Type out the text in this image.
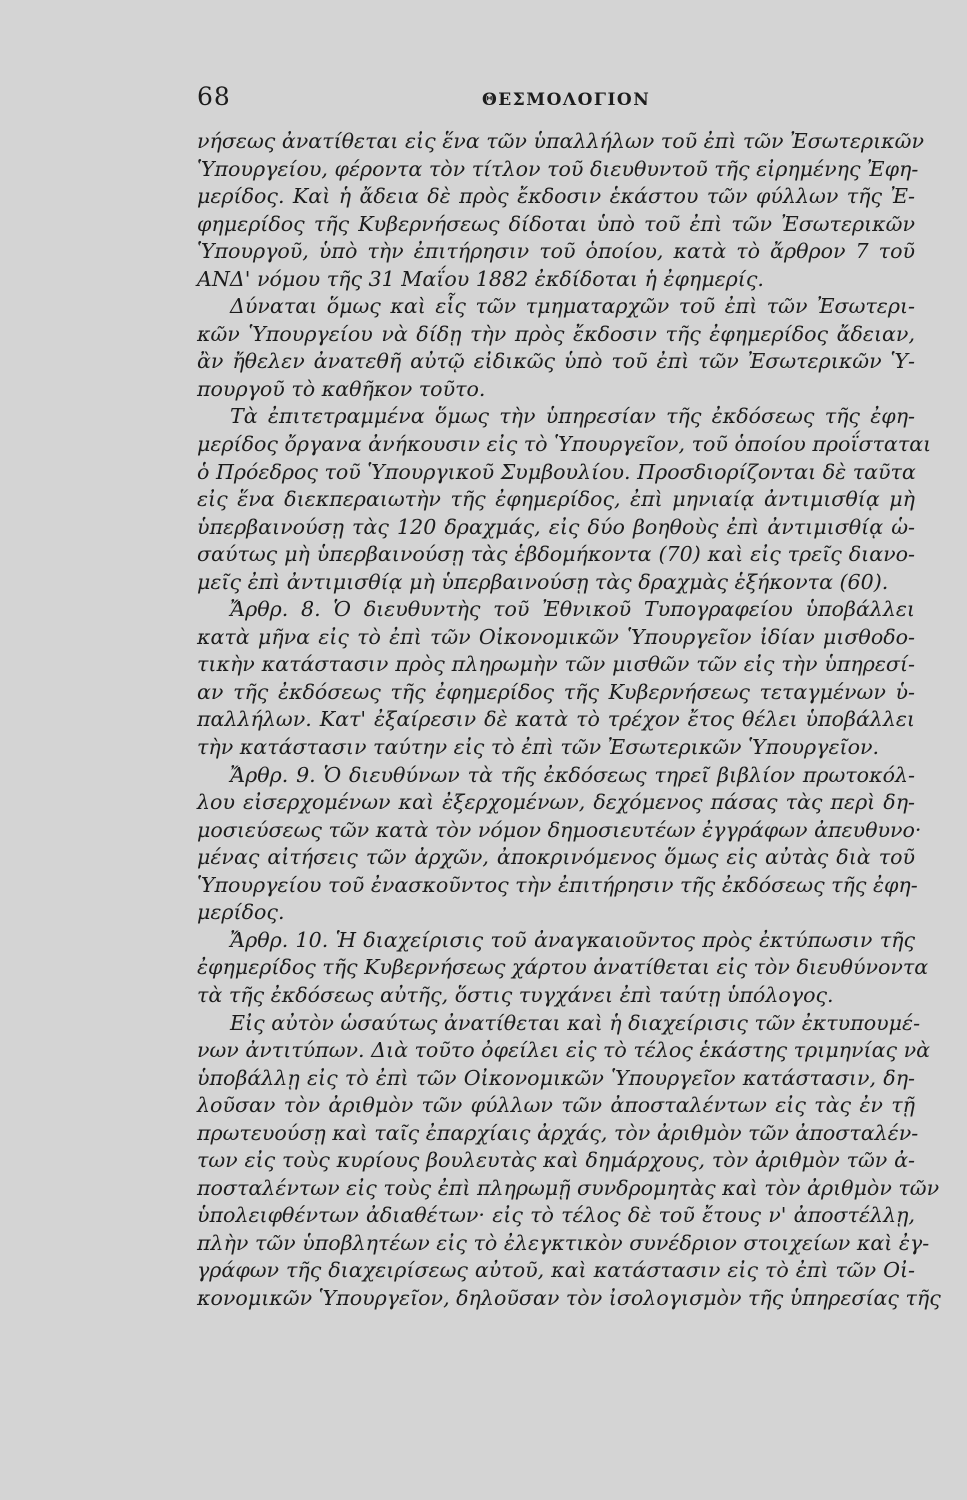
68	ΘΕΣΜΟΛΟΓΙΟΝ
νήσεως ἀνατίθεται εἰς ἕνα τῶν ὑπαλλήλων τοῦ ἐπὶ τῶν Ἐσωτερικῶν
Ὑπουργείου, φέροντα τὸν τίτλον τοῦ διευθυντοῦ τῆς εἰρημένης Ἐφη-
μερίδος. Καὶ ἡ ἄδεια δὲ πρὸς ἔκδοσιν ἑκάστου τῶν φύλλων τῆς Ἐ-
φημερίδος τῆς Κυβερνήσεως δίδοται ὑπὸ τοῦ ἐπὶ τῶν Ἐσωτερικῶν
Ὑπουργοῦ, ὑπὸ τὴν ἐπιτήρησιν τοῦ ὁποίου, κατὰ τὸ ἄρθρον 7 τοῦ
ΑΝΔ' νόμου τῆς 31 Μαΐου 1882 ἐκδίδοται ἡ ἐφημερίς.
Δύναται ὅμως καὶ εἷς τῶν τμηματαρχῶν τοῦ ἐπὶ τῶν Ἐσωτερι-
κῶν Ὑπουργείου νὰ δίδῃ τὴν πρὸς ἔκδοσιν τῆς ἐφημερίδος ἄδειαν,
ἂν ἤθελεν ἀνατεθῆ αὐτῷ εἰδικῶς ὑπὸ τοῦ ἐπὶ τῶν Ἐσωτερικῶν Ὑ-
πουργοῦ τὸ καθῆκον τοῦτο.
Τὰ ἐπιτετραμμένα ὅμως τὴν ὑπηρεσίαν τῆς ἐκδόσεως τῆς ἐφη-
μερίδος ὄργανα ἀνήκουσιν εἰς τὸ Ὑπουργεῖον, τοῦ ὁποίου προΐσταται
ὁ Πρόεδρος τοῦ Ὑπουργικοῦ Συμβουλίου. Προσδιορίζονται δὲ ταῦτα
εἰς ἕνα διεκπεραιωτὴν τῆς ἐφημερίδος, ἐπὶ μηνιαίᾳ ἀντιμισθίᾳ μὴ
ὑπερβαινούσῃ τὰς 120 δραχμάς, εἰς δύο βοηθοὺς ἐπὶ ἀντιμισθίᾳ ὡ-
σαύτως μὴ ὑπερβαινούσῃ τὰς ἑβδομήκοντα (70) καὶ εἰς τρεῖς διανο-
μεῖς ἐπὶ ἀντιμισθίᾳ μὴ ὑπερβαινούσῃ τὰς δραχμὰς ἑξήκοντα (60).
Ἄρθρ. 8. Ὁ διευθυντὴς τοῦ Ἐθνικοῦ Τυπογραφείου ὑποβάλλει
κατὰ μῆνα εἰς τὸ ἐπὶ τῶν Οἰκονομικῶν Ὑπουργεῖον ἰδίαν μισθοδο-
τικὴν κατάστασιν πρὸς πληρωμὴν τῶν μισθῶν τῶν εἰς τὴν ὑπηρεσί-
αν τῆς ἐκδόσεως τῆς ἐφημερίδος τῆς Κυβερνήσεως τεταγμένων ὑ-
παλλήλων. Κατ' ἐξαίρεσιν δὲ κατὰ τὸ τρέχον ἔτος θέλει ὑποβάλλει
τὴν κατάστασιν ταύτην εἰς τὸ ἐπὶ τῶν Ἐσωτερικῶν Ὑπουργεῖον.
Ἄρθρ. 9. Ὁ διευθύνων τὰ τῆς ἐκδόσεως τηρεῖ βιβλίον πρωτοκόλ-
λου εἰσερχομένων καὶ ἐξερχομένων, δεχόμενος πάσας τὰς περὶ δη-
μοσιεύσεως τῶν κατὰ τὸν νόμον δημοσιευτέων ἐγγράφων ἀπευθυνο·
μένας αἰτήσεις τῶν ἀρχῶν, ἀποκρινόμενος ὅμως εἰς αὐτὰς διὰ τοῦ
Ὑπουργείου τοῦ ἐνασκοῦντος τὴν ἐπιτήρησιν τῆς ἐκδόσεως τῆς ἐφη-
μερίδος.
Ἄρθρ. 10. Ἡ διαχείρισις τοῦ ἀναγκαιοῦντος πρὸς ἐκτύπωσιν τῆς
ἐφημερίδος τῆς Κυβερνήσεως χάρτου ἀνατίθεται εἰς τὸν διευθύνοντα
τὰ τῆς ἐκδόσεως αὐτῆς, ὅστις τυγχάνει ἐπὶ ταύτῃ ὑπόλογος.
Εἰς αὐτὸν ὡσαύτως ἀνατίθεται καὶ ἡ διαχείρισις τῶν ἐκτυπουμέ-
νων ἀντιτύπων. Διὰ τοῦτο ὀφείλει εἰς τὸ τέλος ἑκάστης τριμηνίας νὰ
ὑποβάλλῃ εἰς τὸ ἐπὶ τῶν Οἰκονομικῶν Ὑπουργεῖον κατάστασιν, δη-
λοῦσαν τὸν ἀριθμὸν τῶν φύλλων τῶν ἀποσταλέντων εἰς τὰς ἐν τῇ
πρωτευούσῃ καὶ ταῖς ἐπαρχίαις ἀρχάς, τὸν ἀριθμὸν τῶν ἀποσταλέν-
των εἰς τοὺς κυρίους βουλευτὰς καὶ δημάρχους, τὸν ἀριθμὸν τῶν ἀ-
ποσταλέντων εἰς τοὺς ἐπὶ πληρωμῇ συνδρομητὰς καὶ τὸν ἀριθμὸν τῶν
ὑπολειφθέντων ἀδιαθέτων· εἰς τὸ τέλος δὲ τοῦ ἔτους ν' ἀποστέλλῃ,
πλὴν τῶν ὑποβλητέων εἰς τὸ ἐλεγκτικὸν συνέδριον στοιχείων καὶ ἐγ-
γράφων τῆς διαχειρίσεως αὐτοῦ, καὶ κατάστασιν εἰς τὸ ἐπὶ τῶν Οἰ-
κονομικῶν Ὑπουργεῖον, δηλοῦσαν τὸν ἰσολογισμὸν τῆς ὑπηρεσίας τῆς
